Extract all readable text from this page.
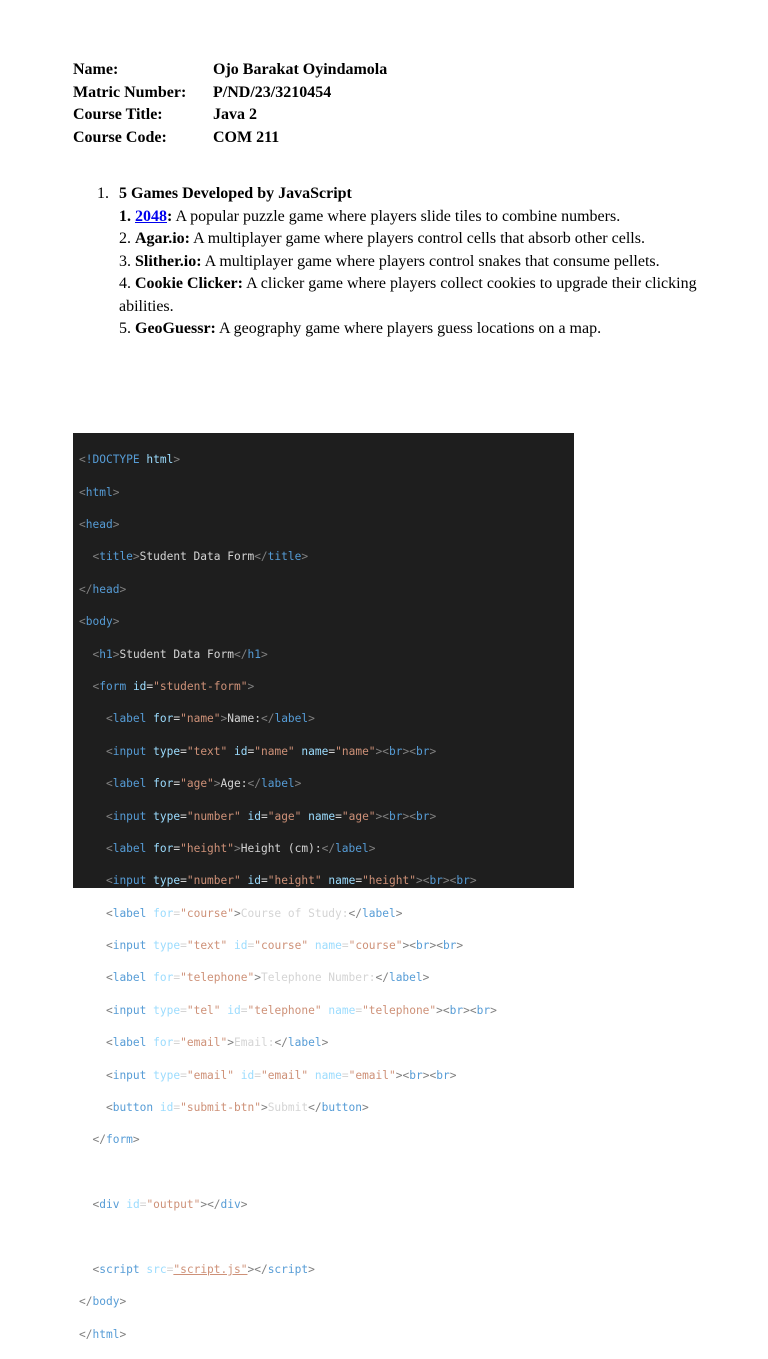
Name:	Ojo Barakat Oyindamola
Matric Number:	P/ND/23/3210454
Course Title:	Java 2
Course Code:	COM 211
1. 5 Games Developed by JavaScript
1. 2048: A popular puzzle game where players slide tiles to combine numbers.
2. Agar.io: A multiplayer game where players control cells that absorb other cells.
3. Slither.io: A multiplayer game where players control snakes that consume pellets.
4. Cookie Clicker: A clicker game where players collect cookies to upgrade their clicking abilities.
5. GeoGuessr: A geography game where players guess locations on a map.

<!DOCTYPE html>

<html>

<head>

<title>Student Data Form</title>

</head>

<body>

<h1>Student Data Form</h1>

<form id="student-form">

<label for="name">Name:</label>

<input type="text" id="name" name="name"><br><br>

<label for="age">Age:</label>

<input type="number" id="age" name="age"><br><br>

<label for="height">Height (cm):</label>

<input type="number" id="height" name="height"><br><br>

<label for="course">Course of Study:</label>

<input type="text" id="course" name="course"><br><br>

<label for="telephone">Telephone Number:</label>

<input type="tel" id="telephone" name="telephone"><br><br>

<label for="email">Email:</label>

<input type="email" id="email" name="email"><br><br>

<button id="submit-btn">Submit</button>

</form>

<div id="output"></div>

<script src="script.js"></script>

</body>

</html>
